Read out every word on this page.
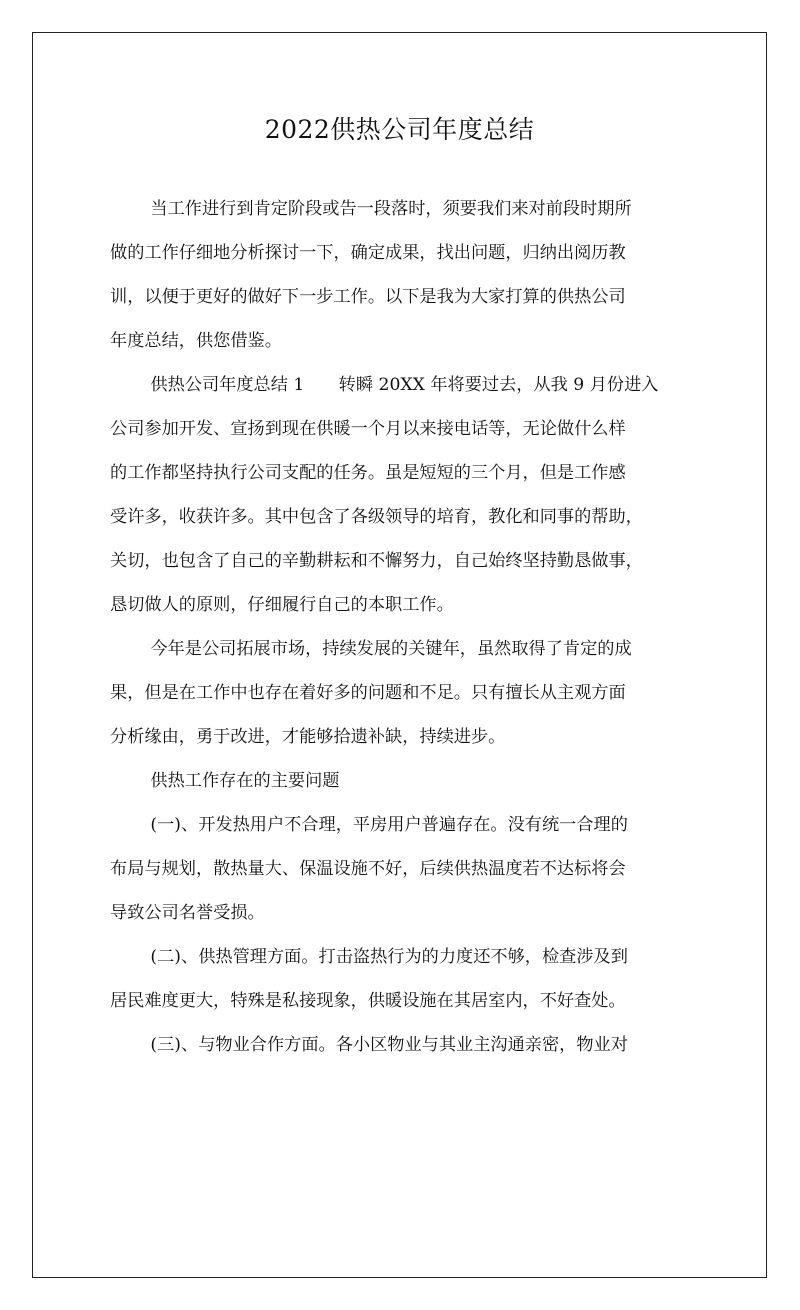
2022供热公司年度总结

当工作进行到肯定阶段或告一段落时，须要我们来对前段时期所
做的工作仔细地分析探讨一下，确定成果，找出问题，归纳出阅历教
训，以便于更好的做好下一步工作。以下是我为大家打算的供热公司
年度总结，供您借鉴。

供热公司年度总结 1　　转瞬 20XX 年将要过去，从我 9 月份进入
公司参加开发、宣扬到现在供暖一个月以来接电话等，无论做什么样
的工作都坚持执行公司支配的任务。虽是短短的三个月，但是工作感
受许多，收获许多。其中包含了各级领导的培育，教化和同事的帮助，
关切，也包含了自己的辛勤耕耘和不懈努力，自己始终坚持勤恳做事，
恳切做人的原则，仔细履行自己的本职工作。

今年是公司拓展市场，持续发展的关键年，虽然取得了肯定的成
果，但是在工作中也存在着好多的问题和不足。只有擅长从主观方面
分析缘由，勇于改进，才能够拾遗补缺，持续进步。

供热工作存在的主要问题

(一)、开发热用户不合理，平房用户普遍存在。没有统一合理的
布局与规划，散热量大、保温设施不好，后续供热温度若不达标将会
导致公司名誉受损。

(二)、供热管理方面。打击盗热行为的力度还不够，检查涉及到
居民难度更大，特殊是私接现象，供暖设施在其居室内，不好查处。

(三)、与物业合作方面。各小区物业与其业主沟通亲密，物业对
